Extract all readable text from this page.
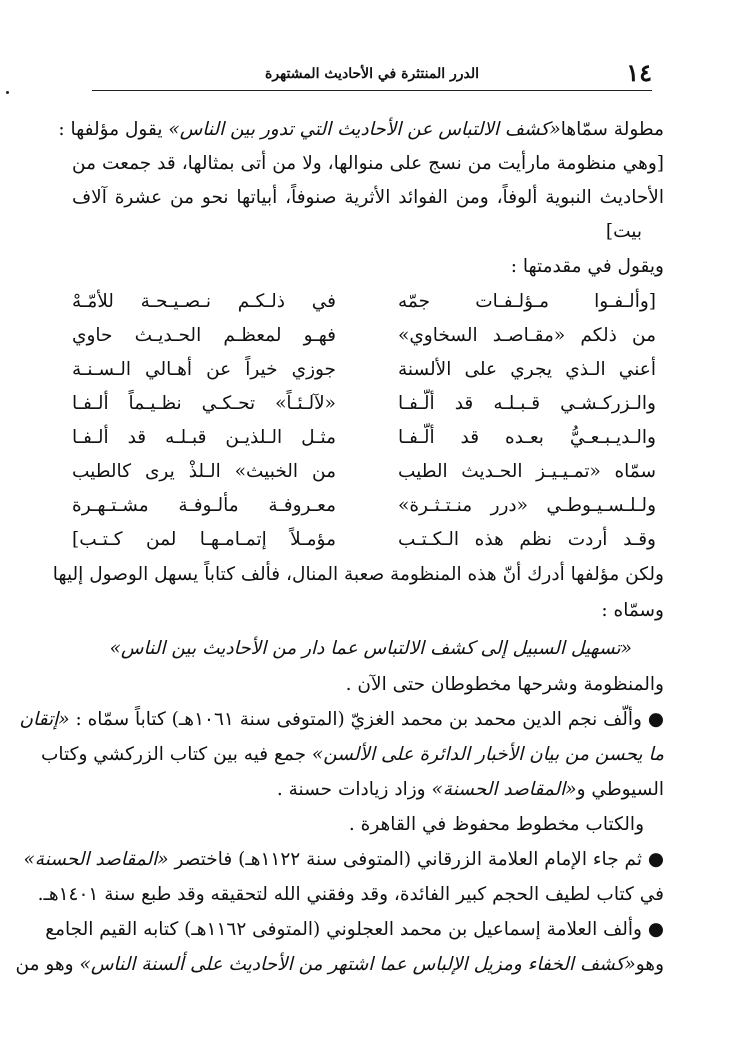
١٤
الدرر المنتثرة في الأحاديث المشتهرة
مطولة سمّاها«كشف الالتباس عن الأحاديث التي تدور بين الناس» يقول مؤلفها :
[وهي منظومة مارأيت من نسج على منوالها، ولا من أتى بمثالها، قد جمعت من
الأحاديث النبوية ألوفاً، ومن الفوائد الأثرية صنوفاً، أبياتها نحو من عشرة آلاف
بيت]
ويقول في مقدمتها :
[وألـفـوا مـؤلـفـات جمّه
في ذلـكـم نـصـيـحـة للأمّـهْ
من ذلكم «مقـاصـد السخاوي»
فهـو لمعظـم الحـديـث حاوي
أعني الـذي يجري على الألسنة
جوزي خيراً عن أهـالي الـسـنـة
والـزركـشـي قـبـلـه قد ألّـفـا
«لآلـئـاً» تحـكـي نظـيـماً ألـفـا
والـديـبـعـيُّ بعـده قد ألّـفـا
مثـل الـلذيـن قبـلـه قد ألـفـا
سمّاه «تمـيـيـز الحـديث الطيب
من الخبيث» الـلذْ يرى كالطيب
ولـلـسـيـوطـي «درر منـتـثـرة»
معـروفـة مألـوفـة مشـتـهـرة
وقـد أردت نظم هذه الـكـتـب
مؤمـلاً إتمـامـهـا لمن كـتـب]
ولكن مؤلفها أدرك أنّ هذه المنظومة صعبة المنال، فألف كتاباً يسهل الوصول إليها
وسمّاه :
«تسهيل السبيل إلى كشف الالتباس عما دار من الأحاديث بين الناس»
والمنظومة وشرحها مخطوطان حتى الآن .
● وألّف نجم الدين محمد بن محمد الغزيّ (المتوفى سنة ١٠٦١هـ) كتاباً سمّاه : «إتقان
ما يحسن من بيان الأخبار الدائرة على الألسن» جمع فيه بين كتاب الزركشي وكتاب
السيوطي و«المقاصد الحسنة» وزاد زيادات حسنة .
والكتاب مخطوط محفوظ في القاهرة .
● ثم جاء الإمام العلامة الزرقاني (المتوفى سنة ١١٢٢هـ) فاختصر «المقاصد الحسنة»
في كتاب لطيف الحجم كبير الفائدة، وقد وفقني الله لتحقيقه وقد طبع سنة ١٤٠١هـ.
● وألف العلامة إسماعيل بن محمد العجلوني (المتوفى ١١٦٢هـ) كتابه القيم الجامع
وهو«كشف الخفاء ومزيل الإلباس عما اشتهر من الأحاديث على ألسنة الناس» وهو من
